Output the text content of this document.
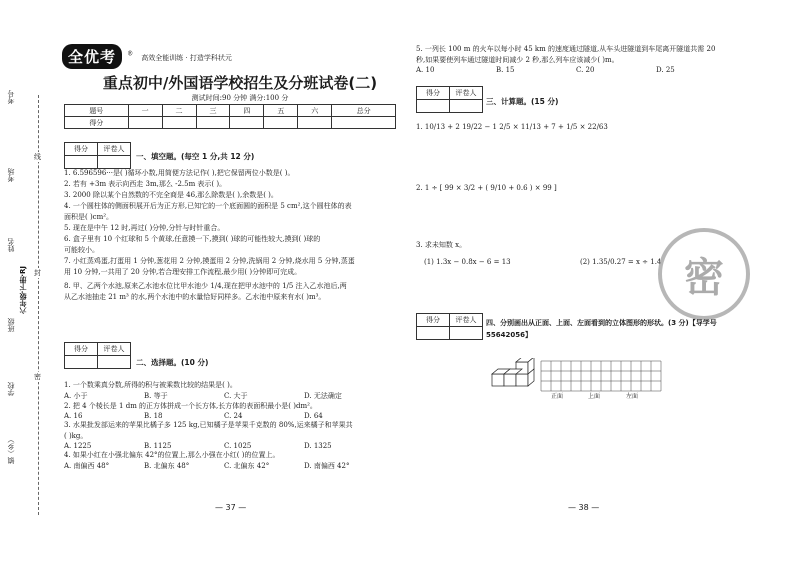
考号
考场
姓名
班级
学校
镇（乡）
六年级·下册·RJ
线
封
密
全优考 ® 高效全能训练 · 打造学科状元
重点初中/外国语学校招生及分班试卷(二)
测试时间:90 分钟 满分:100 分
题号	一	二	三	四	五	六	总分
得分							
得分	评卷人

一、填空题。(每空 1 分,共 12 分)
1. 6.596596···是( )循环小数,用简便方法记作( ),把它保留两位小数是( )。
2. 若有 +3m 表示向西走 3m,那么 -2.5m 表示( )。
3. 2000 除以某个自然数的不完全商是 46,那么除数是( ),余数是( )。
4. 一个圆柱体的侧面积展开后为正方形,已知它的一个底面圆的面积是 5 cm²,这个圆柱体的表
面积是( )cm²。
5. 现在是中午 12 时,再过( )分钟,分针与时针重合。
6. 盒子里有 10 个红球和 5 个黄球,任意摸一下,摸到( )球的可能性较大,摸到( )球的
可能较小。
7. 小红蒸鸡蛋,打蛋用 1 分钟,葱花用 2 分钟,摸蛋用 2 分钟,洗锅用 2 分钟,烧水用 5 分钟,蒸蛋
用 10 分钟,一共用了 20 分钟,若合理安排工作流程,最少用( )分钟即可完成。
8. 甲、乙两个水池,原来乙水池水位比甲水池少 1/4,现在把甲水池中的 1/5 注入乙水池后,两
从乙水池抽走 21 m³ 的水,两个水池中的水量恰好同样多。乙水池中原来有水( )m³。
得分	评卷人

二、选择题。(10 分)
1. 一个数乘真分数,所得的积与被乘数比较的结果是( )。
A. 小于	B. 等于	C. 大于	D. 无法确定
2. 把 4 个棱长是 1 dm 的正方体拼成一个长方体,长方体的表面积最小是( )dm²。
A. 16	B. 18	C. 24	D. 64
3. 水果批发部运来的苹果比橘子多 125 kg,已知橘子是苹果千克数的 80%,运来橘子和苹果共
( )kg。
A. 1225	B. 1125	C. 1025	D. 1325
4. 如果小红在小强北偏东 42°的位置上,那么小强在小红( )的位置上。
A. 南偏西 48°	B. 北偏东 48°	C. 北偏东 42°	D. 南偏西 42°
— 37 —
5. 一列长 100 m 的火车以每小时 45 km 的速度通过隧道,从车头进隧道到车尾离开隧道共需 20
秒,如果要使列车通过隧道时间减少 2 秒,那么列车应该减少( )m。
A. 10	B. 15	C. 20	D. 25
得分	评卷人

三、计算题。(15 分)
1. 10/13 + 2 19/22 − 1 2/5 × 11/13 + 7 + 1/5 × 22/63
2. 1 ÷ [ 99 × 3/2 + ( 9/10 + 0.6 ) × 99 ]
3. 求未知数 x。
(1) 1.3x − 0.8x − 6 = 13	(2) 1.35/0.27 = x ÷ 1.4 密
得分	评卷人
	四、分别画出从正面、上面、左面看到的立体图形的形状。(3 分)【导学号
55642056】
正面	上面	左面
— 38 —
